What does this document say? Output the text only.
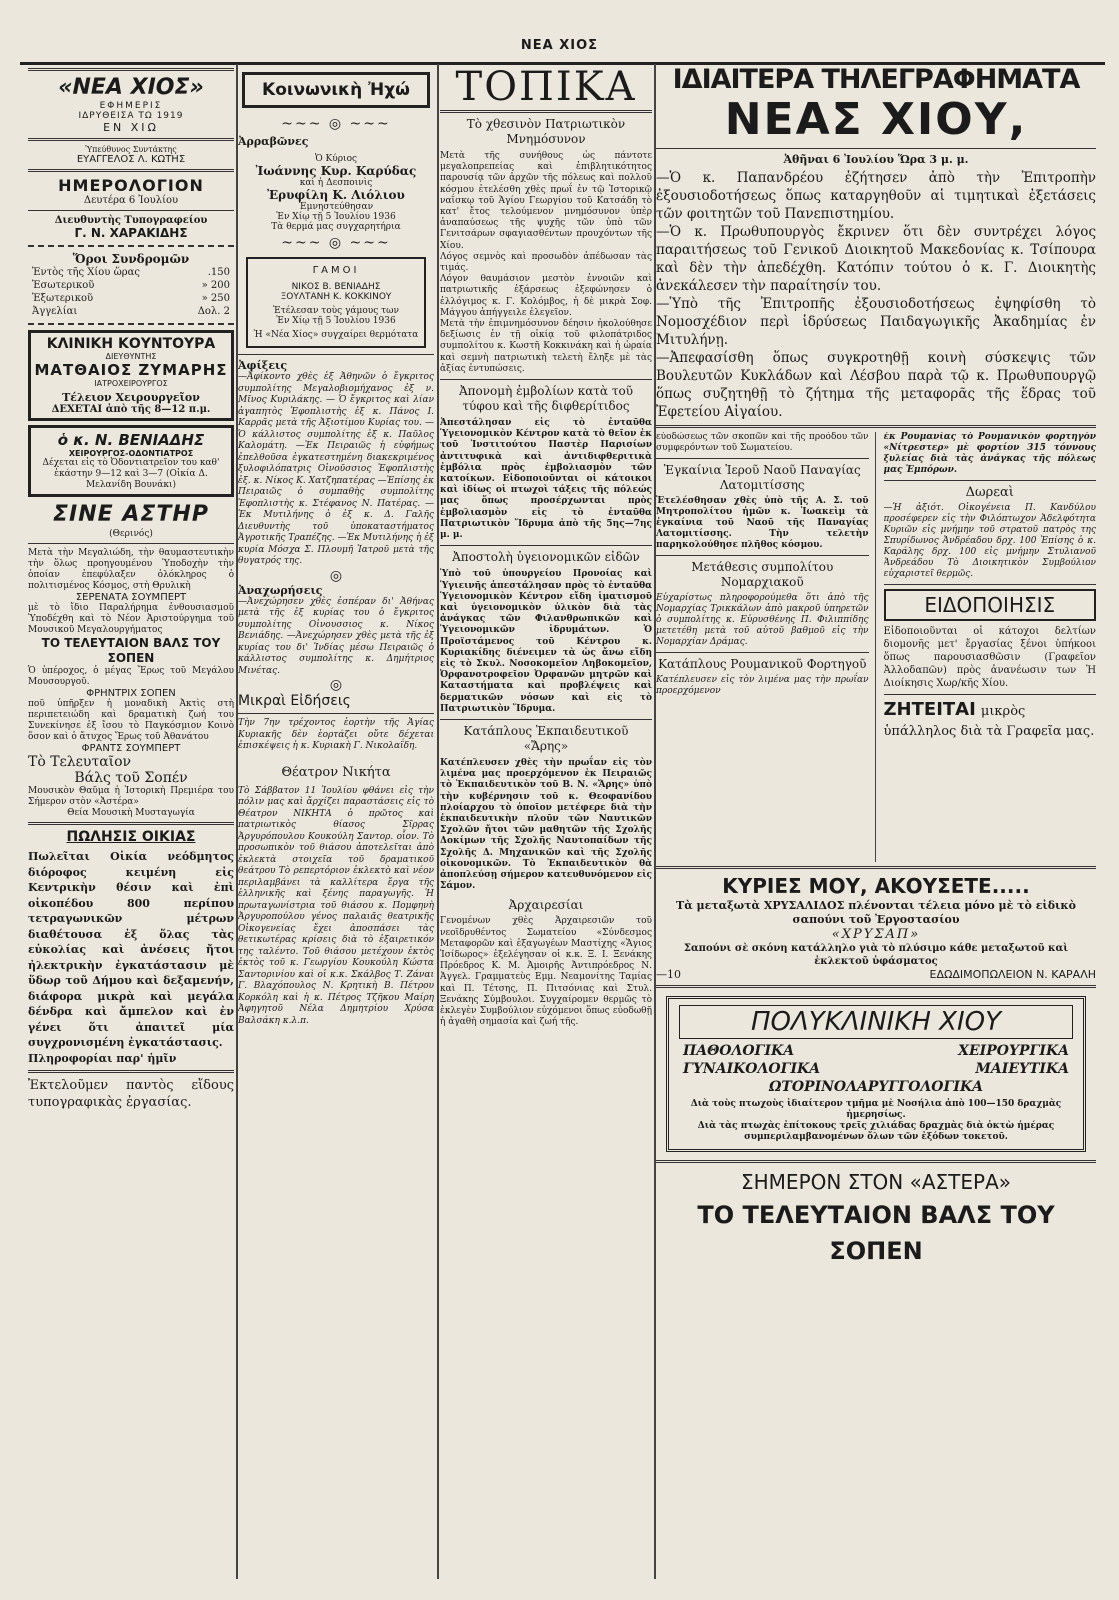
ΝΕΑ ΧΙΟΣ
«ΝΕΑ ΧΙΟΣ»
ΕΦΗΜΕΡΙΣ
ΙΔΡΥΘΕΙΣΑ ΤΩ 1919
ΕΝ ΧΙΩ
Ὑπεύθυνος Συντάκτης
ΕΥΑΓΓΕΛΟΣ Λ. ΚΩΤΗΣ
ΗΜΕΡΟΛΟΓΙΟΝ
Δευτέρα 6 Ἰουλίου
Διευθυντὴς Τυπογραφείου
Γ. Ν. ΧΑΡΑΚΙΔΗΣ
Ὅροι Συνδρομῶν
Ἐντὸς τῆς Χίου ὥρας	.150
Ἐσωτερικοῦ	» 200
Ἐξωτερικοῦ	» 250
Ἀγγελίαι	Δολ. 2
ΚΛΙΝΙΚΗ ΚΟΥΝΤΟΥΡΑ
ΔΙΕΥΘΥΝΤΗΣ
ΜΑΤΘΑΙΟΣ ΖΥΜΑΡΗΣ
ΙΑΤΡΟΧΕΙΡΟΥΡΓΟΣ
Τέλειον Χειρουργεῖον
ΔΕΧΕΤΑΙ ἀπὸ τῆς 8—12 π.μ.
ὁ κ. Ν. ΒΕΝΙΑΔΗΣ
ΧΕΙΡΟΥΡΓΟΣ-ΟΔΟΝΤΙΑΤΡΟΣ

Δέχεται εἰς τὸ Ὀδοντιατρεῖον του καθ' ἑκάστην 9—12 καὶ 3—7 (Οἰκία Δ. Μελανίδη Βουνάκι)

ΣΙΝΕ ΑΣΤΗΡ
(Θερινός)

Μετὰ τὴν Μεγαλιώδη, τὴν θαυμαστευτικὴν τὴν ὅλως προηγουμένου Ὑποδοχὴν τὴν ὁποίαν ἐπεφύλαξεν ὁλόκληρος ὁ πολιτισμένος Κόσμος, στὴ Θρυλικὴ

ΣΕΡΕΝΑΤΑ ΣΟΥΜΠΕΡΤ

μὲ τὸ ἴδιο Παραλήρημα ἐνθουσιασμοῦ Ὑποδέχθη καὶ τὸ Νέον Ἀριστούργημα τοῦ Μουσικοῦ Μεγαλουργήματος

ΤΟ ΤΕΛΕΥΤΑΙΟΝ ΒΑΛΣ ΤΟΥ ΣΟΠΕΝ

Ὁ ὑπέροχος, ὁ μέγας Ἔρως τοῦ Μεγάλου Μουσουργοῦ.

ΦΡΗΝΤΡΙΧ ΣΟΠΕΝ

ποῦ ὑπῆρξεν ἡ μοναδικὴ Ἀκτὶς στὴ περιπετειώδη καὶ δραματικὴ ζωή του Συνεκίνησε ἐξ ἴσου τὸ Παγκόσμιον Κοινὸ ὅσον καὶ ὁ ἄτυχος Ἔρως τοῦ Ἀθανάτου

ΦΡΑΝΤΣ ΣΟΥΜΠΕΡΤ
Τὸ Τελευταῖον
Βάλς τοῦ Σοπέν

Μουσικὸν Θαῦμα ἡ Ἱστορικὴ Πρεμιέρα του Σήμερον στὸν «Ἀστέρα»

Θεία Μουσικὴ Μυσταγωγία
ΠΩΛΗΣΙΣ ΟΙΚΙΑΣ

Πωλεῖται Οἰκία νεόδμητος διόροφος κειμένη εἰς Κεντρικὴν θέσιν καὶ ἐπὶ οἰκοπέδου 800 περίπου τετραγωνικῶν μέτρων διαθέτουσα ἐξ ὅλας τὰς εὐκολίας καὶ ἀνέσεις ἤτοι ἠλεκτρικὴν ἐγκατάστασιν μὲ ὕδωρ τοῦ Δήμου καὶ δεξαμενήν, διάφορα μικρὰ καὶ μεγάλα δένδρα καὶ ἄμπελον καὶ ἐν γένει ὅτι ἀπαιτεῖ μία συγχρονισμένη ἐγκατάστασις.

Πληροφορίαι παρ' ἡμῖν

Ἐκτελοῦμεν παντὸς εἴδους τυπογραφικὰς ἐργασίας.

Κοινωνικὴ Ἠχώ
~~~ ◎ ~~~
Ἀρραβῶνες
Ὁ Κύριος
Ἰωάννης Κυρ. Καρύδας
καὶ ἡ Δεσποινὶς
Ἐρυφίλη Κ. Λιόλιου
Ἐμνηστεύθησαν
Ἐν Χίῳ τῇ 5 Ἰουλίου 1936
Τὰ θερμά μας συγχαρητήρια
~~~ ◎ ~~~
ΓΑΜΟΙ
ΝΙΚΟΣ Β. ΒΕΝΙΑΔΗΣ
ΞΟΥΛΤΑΝΗ Κ. ΚΟΚΚΙΝΟΥ
Ἐτέλεσαν τοὺς γάμους των
Ἐν Χίῳ τῇ 5 Ἰουλίου 1936
Ἡ «Νέα Χίος» συγχαίρει θερμότατα
Ἀφίξεις

—Ἀφίκοντο χθὲς ἐξ Ἀθηνῶν ὁ ἔγκριτος συμπολίτης Μεγαλοβιομήχανος ἐξ ν. Μῖνος Κυριλάκης. — Ὁ ἔγκριτος καὶ λίαν ἀγαπητὸς Ἐφοπλιστὴς ἐξ κ. Πάνος Ι. Καρρᾶς μετὰ τῆς Ἀξιοτίμου Κυρίας του. —Ὁ κάλλιστος συμπολίτης ἐξ κ. Παῦλος Καλομάτη. —Ἐκ Πειραιῶς ἡ εὐφήμως ἐπελθοῦσα ἐγκατεστημένη διακεκριμένος ξυλοφιλόπατρις Οἰνοῦσσιος Ἐφοπλιστὴς ἐξ. κ. Νίκος Κ. Χατζηπατέρας —Ἐπίσης ἐκ Πειραιῶς ὁ συμπαθὴς συμπολίτης Ἐφοπλιστὴς κ. Στέφανος Ν. Πατέρας. —Ἐκ Μυτιλήνης ὁ ἐξ κ. Δ. Γαλῆς Διευθυντὴς τοῦ ὑποκαταστήματος Ἀγροτικῆς Τραπέζης. —Ἐκ Μυτιλήνης ἡ ἐξ κυρία Μόσχα Σ. Πλουμῆ Ἰατροῦ μετὰ τῆς θυγατρός της.

◎
Ἀναχωρήσεις

—Ἀνεχώρησεν χθὲς ἐσπέραν δι' Ἀθήνας μετὰ τῆς ἐξ κυρίας του ὁ ἔγκριτος συμπολίτης Οἰνουσσιος κ. Νίκος Βενιάδης. —Ἀνεχώρησεν χθὲς μετὰ τῆς ἐξ κυρίας του δι' Ἰνδίας μέσω Πειραιῶς ὁ κάλλιστος συμπολίτης κ. Δημήτριος Μινέτας.

◎
Μικραὶ Εἰδήσεις

Τὴν 7ην τρέχοντος ἑορτὴν τῆς Ἁγίας Κυριακῆς δὲν ἑορτάζει οὔτε δέχεται ἐπισκέψεις ἡ κ. Κυριακὴ Γ. Νικολαΐδη.

Θέατρον Νικήτα

Τὸ Σάββατον 11 Ἰουλίου φθάνει εἰς τὴν πόλιν μας καὶ ἄρχίζει παραστάσεις εἰς τὸ Θέατρον ΝΙΚΗΤΑ ὁ πρῶτος καὶ πατριωτικὸς θίασος Σῖρρας Ἀργυρόπουλου Κουκούλη Σαντορ. οἶον. Τὸ προσωπικὸν τοῦ θιάσου ἀποτελεῖται ἀπὸ ἐκλεκτὰ στοιχεῖα τοῦ δραματικοῦ θεάτρου Τὸ ρεπερτόριον ἐκλεκτὸ καὶ νέον περιλαμβάνει τὰ καλλίτερα ἔργα τῆς ἑλληνικῆς καὶ ξένης παραγωγῆς. Ἡ πρωταγωνίστρια τοῦ θιάσου κ. Πομφηνὴ Ἀργυροπούλου γένος παλαιᾶς θεατρικῆς Οἰκογενείας ἔχει ἀποσπάσει τὰς θετικωτέρας κρίσεις διὰ τὸ ἐξαιρετικόν της ταλέντο. Τοῦ θιάσου μετέχουν ἐκτὸς ἐκτὸς τοῦ κ. Γεωργίου Κουκούλη Κώστα Σαντορινίου καὶ οἱ κ.κ. Σκάλβος Τ. Ζάναι Γ. Βλαχόπουλος Ν. Κρητικὴ Β. Πέτρου Κορκόλη καὶ ἡ κ. Πέτρος Τζῆκου Μαίρη Ἀφηγητοῦ Νέλα Δημητρίου Χρύσα Βαλσάκη κ.λ.π.

ΤΟΠΙΚΑ
Τὸ χθεσινὸν Πατριωτικὸν Μνημόσυνον

Μετὰ τῆς συνήθους ὡς πάντοτε μεγαλοπρεπείας καὶ ἐπιβλητικότητος παρουσίᾳ τῶν ἀρχῶν τῆς πόλεως καὶ πολλοῦ κόσμου ἐτελέσθη χθὲς πρωΐ ἐν τῷ Ἱστορικῷ ναΐσκῳ τοῦ Ἁγίου Γεωργίου τοῦ Κατσάδη τὸ κατ' ἔτος τελούμενον μνημόσυνον ὑπὲρ ἀναπαύσεως τῆς ψυχῆς τῶν ὑπὸ τῶν Γενιτσάρων σφαγιασθέντων προυχόντων τῆς Χίου.

Λόγος σεμνὸς καὶ προσωδὸν ἀπέδωσαν τὰς τιμάς.

Λόγον θαυμάσιον μεστὸν ἐννοιῶν καὶ πατριωτικῆς ἐξάρσεως ἐξεφώνησεν ὁ ἐλλόγιμος κ. Γ. Κολόμβος, ἡ δὲ μικρὰ Σοφ. Μάγγου ἀπήγγειλε ἐλεγεῖον.

Μετὰ τὴν ἐπιμνημόσυνον δέησιν ἠκολούθησε δεξίωσις ἐν τῇ οἰκίᾳ τοῦ φιλοπάτριδος συμπολίτου κ. Κωστῆ Κοκκινάκη καὶ ἡ ὡραία καὶ σεμνὴ πατριωτικὴ τελετὴ ἔληξε μὲ τὰς ἀξίας ἐντυπώσεις.

Ἀπονομὴ ἐμβολίων κατὰ τοῦ τύφου καὶ τῆς διφθερίτιδος

Ἀπεστάλησαν εἰς τὸ ἐνταῦθα Ὑγειονομικὸν Κέντρον κατὰ τὸ θεῖον ἐκ τοῦ Ἰνστιτούτου Παστὲρ Παρισίων ἀντιτυφικὰ καὶ ἀντιδιφθεριτικὰ ἐμβόλια πρὸς ἐμβολιασμὸν τῶν κατοίκων. Εἰδοποιοῦνται οἱ κάτοικοι καὶ ἰδίως οἱ πτωχοὶ τάξεις τῆς πόλεώς μας ὅπως προσέρχωνται πρὸς ἐμβολιασμὸν εἰς τὸ ἐνταῦθα Πατριωτικὸν Ἵδρυμα ἀπὸ τῆς 5ης—7ης μ. μ.

Ἀποστολὴ ὑγειονομικῶν εἰδῶν

Ὑπὸ τοῦ ὑπουργείου Προνοίας καὶ Ὑγιεινῆς ἀπεστάλησαν πρὸς τὸ ἐνταῦθα Ὑγειονομικὸν Κέντρον εἴδη ἱματισμοῦ καὶ ὑγειονομικὸν ὑλικὸν διὰ τὰς ἀνάγκας τῶν Φιλανθρωπικῶν καὶ Ὑγειονομικῶν ἱδρυμάτων. Ὁ Προϊστάμενος τοῦ Κέντρου κ. Κυριακίδης διένειμεν τὰ ὡς ἄνω εἴδη εἰς τὸ Σκυλ. Νοσοκομεῖον Ληβοκομεῖον, Ὀρφανοτροφεῖον Ὀρφανῶν μητρῶν καὶ Καταστήματα καὶ προβλέψεις καὶ δερματικῶν νόσων καὶ εἰς τὸ Πατριωτικὸν Ἵδρυμα.

Κατάπλους Ἐκπαιδευτικοῦ «Ἄρης»

Κατέπλευσεν χθὲς τὴν πρωΐαν εἰς τὸν λιμένα μας προερχόμενον ἐκ Πειραιῶς τὸ Ἐκπαιδευτικὸν τοῦ Β. Ν. «Ἄρης» ὑπὸ τὴν κυβέρνησιν τοῦ κ. Θεοφανίδου πλοίαρχου τὸ ὁποῖον μετέφερε διὰ τὴν ἐκπαιδευτικὴν πλοῦν τῶν Ναυτικῶν Σχολῶν ἤτοι τῶν μαθητῶν τῆς Σχολῆς Δοκίμων τῆς Σχολῆς Ναυτοπαίδων τῆς Σχολῆς Δ. Μηχανικῶν καὶ τῆς Σχολῆς οἰκονομικῶν. Τὸ Ἐκπαιδευτικὸν θὰ ἀποπλεύσῃ σήμερον κατευθυνόμενον εἰς Σάμον.

Ἀρχαιρεσίαι

Γενομένων χθὲς Ἀρχαιρεσιῶν τοῦ νεοϊδρυθέντος Σωματείου «Σύνδεσμος Μεταφορῶν καὶ ἐξαγωγέων Μαστίχης «Ἅγιος Ἰσίδωρος» ἐξελέγησαν οἱ κ.κ. Ξ. Ι. Ξενάκης Πρόεδρος Κ. Μ. Ἀμοιρῆς Ἀντιπρόεδρος Ν. Ἀγγελ. Γραμματεὺς Εμμ. Νεαμονίτης Ταμίας καὶ Π. Τέτσης, Π. Πιτσόνιας καὶ Στυλ. Ξενάκης Σύμβουλοι. Συγχαίρομεν θερμῶς τὸ ἐκλεγὲν Συμβούλιον εὐχόμενοι ὅπως εὐοδωθῇ ἡ ἀγαθὴ σημασία καὶ ζωή τῆς.

ΙΔΙΑΙΤΕΡΑ ΤΗΛΕΓΡΑΦΗΜΑΤΑ
ΝΕΑΣ ΧΙΟΥ,
Ἀθῆναι 6 Ἰουλίου Ὥρα 3 μ. μ.

—Ὁ κ. Παπανδρέου ἐζήτησεν ἀπὸ τὴν Ἐπιτροπὴν ἐξουσιοδοτήσεως ὅπως καταργηθοῦν αἱ τιμητικαὶ ἐξετάσεις τῶν φοιτητῶν τοῦ Πανεπιστημίου.

—Ὁ κ. Πρωθυπουργὸς ἔκρινεν ὅτι δὲν συντρέχει λόγος παραιτήσεως τοῦ Γενικοῦ Διοικητοῦ Μακεδονίας κ. Τσίπουρα καὶ δὲν τὴν ἀπεδέχθη. Κατόπιν τούτου ὁ κ. Γ. Διοικητὴς ἀνεκάλεσεν τὴν παραίτησίν του.

—Ὑπὸ τῆς Ἐπιτροπῆς ἐξουσιοδοτήσεως ἐψηφίσθη τὸ Νομοσχέδιον περὶ ἱδρύσεως Παιδαγωγικῆς Ἀκαδημίας ἐν Μιτυλήνῃ.

—Ἀπεφασίσθη ὅπως συγκροτηθῇ κοινὴ σύσκεψις τῶν Βουλευτῶν Κυκλάδων καὶ Λέσβου παρὰ τῷ κ. Πρωθυπουργῷ ὅπως συζητηθῇ τὸ ζήτημα τῆς μεταφορᾶς τῆς ἕδρας τοῦ Ἐφετείου Αἰγαίου.

εὐοδώσεως τῶν σκοπῶν καὶ τῆς προόδου τῶν συμφερόντων τοῦ Σωματείου.

Ἐγκαίνια Ἱεροῦ Ναοῦ Παναγίας Λατομιτίσσης

Ἐτελέσθησαν χθὲς ὑπὸ τῆς Α. Σ. τοῦ Μητροπολίτου ἡμῶν κ. Ἰωακεὶμ τὰ ἐγκαίνια τοῦ Ναοῦ τῆς Παναγίας Λατομιτίσσης. Τὴν τελετὴν παρηκολούθησε πλῆθος κόσμου.

Μετάθεσις συμπολίτου Νομαρχιακοῦ

Εὐχαρίστως πληροφορούμεθα ὅτι ἀπὸ τῆς Νομαρχίας Τρικκάλων ἀπὸ μακροῦ ὑπηρετῶν ὁ συμπολίτης κ. Εὐρυσθένης Π. Φιλιππίδης μετετέθη μετὰ τοῦ αὐτοῦ βαθμοῦ εἰς τὴν Νομαρχίαν Δράμας.

Κατάπλους Ρουμανικοῦ Φορτηγοῦ

Κατέπλευσεν εἰς τὸν λιμένα μας τὴν πρωΐαν προερχόμενον

ἐκ Ρουμανίας τὸ Ρουμανικὸν φορτηγὸν «Νίτρεστερ» μὲ φορτίον 315 τόννους ξυλείας διὰ τὰς ἀνάγκας τῆς πόλεως μας Ἐμπόρων.

Δωρεαὶ

—Ἡ ἀξιότ. Οἰκογένεια Π. Κανδύλου προσέφερεν εἰς τὴν Φιλόπτωχον Ἀδελφότητα Κυριῶν εἰς μνήμην τοῦ στρατοῦ πατρὸς της Σπυρίδωνος Ἀνδρέαδου δρχ. 100 Ἐπίσης ὁ κ. Καράλης δρχ. 100 εἰς μνήμην Στυλιανοῦ Ἀνδρεάδου Τὸ Διοικητικὸν Συμβούλιον εὐχαριστεῖ θερμῶς.

ΕΙΔΟΠΟΙΗΣΙΣ

Εἰδοποιοῦνται οἱ κάτοχοι δελτίων διομονῆς μετ' ἔργασίας ξένοι ὑπήκοοι ὅπως παρουσιασθῶσιν (Γραφεῖον Ἀλλοδαπῶν) πρὸς ἀνανέωσιν των Ἡ Διοίκησις Χωρ/κῆς Χίου.

ΖΗΤΕΙΤΑΙ μικρὸς ὑπάλληλος διὰ τὰ Γραφεῖα μας.
ΚΥΡΙΕΣ ΜΟΥ, ΑΚΟΥΣΕΤΕ.....

Τὰ μεταξωτὰ ΧΡΥΣΑΛΙΔΟΣ πλένονται τέλεια μόνο μὲ τὸ εἰδικὸ σαπούνι τοῦ Ἐργοστασίου

«ΧΡΥΣΑΠ»

Σαπούνι σὲ σκόνη κατάλληλο γιὰ τὸ πλύσιμο κάθε μεταξωτοῦ καὶ ἐκλεκτοῦ ὑφάσματος

—10	ΕΔΩΔΙΜΟΠΩΛΕΙΟΝ Ν. ΚΑΡΑΛΗ
ΠΟΛΥΚΛΙΝΙΚΗ ΧΙΟΥ
ΠΑΘΟΛΟΓΙΚΑ	ΧΕΙΡΟΥΡΓΙΚΑ
ΓΥΝΑΙΚΟΛΟΓΙΚΑ	ΜΑΙΕΥΤΙΚΑ
ΩΤΟΡΙΝΟΛΑΡΥΓΓΟΛΟΓΙΚΑ

Διὰ τοὺς πτωχοὺς ἰδιαίτερον τμῆμα μὲ Νοσήλια ἀπὸ 100—150 δραχμὰς ἡμερησίως.

Διὰ τὰς πτωχὰς ἐπίτοκους τρεῖς χιλιάδας δραχμὰς διὰ ὀκτὼ ἡμέρας συμπεριλαμβανομένων ὅλων τῶν ἐξόδων τοκετοῦ.

ΣΗΜΕΡΟΝ ΣΤΟΝ «ΑΣΤΕΡΑ»
ΤΟ ΤΕΛΕΥΤΑΙΟΝ ΒΑΛΣ ΤΟΥ ΣΟΠΕΝ
